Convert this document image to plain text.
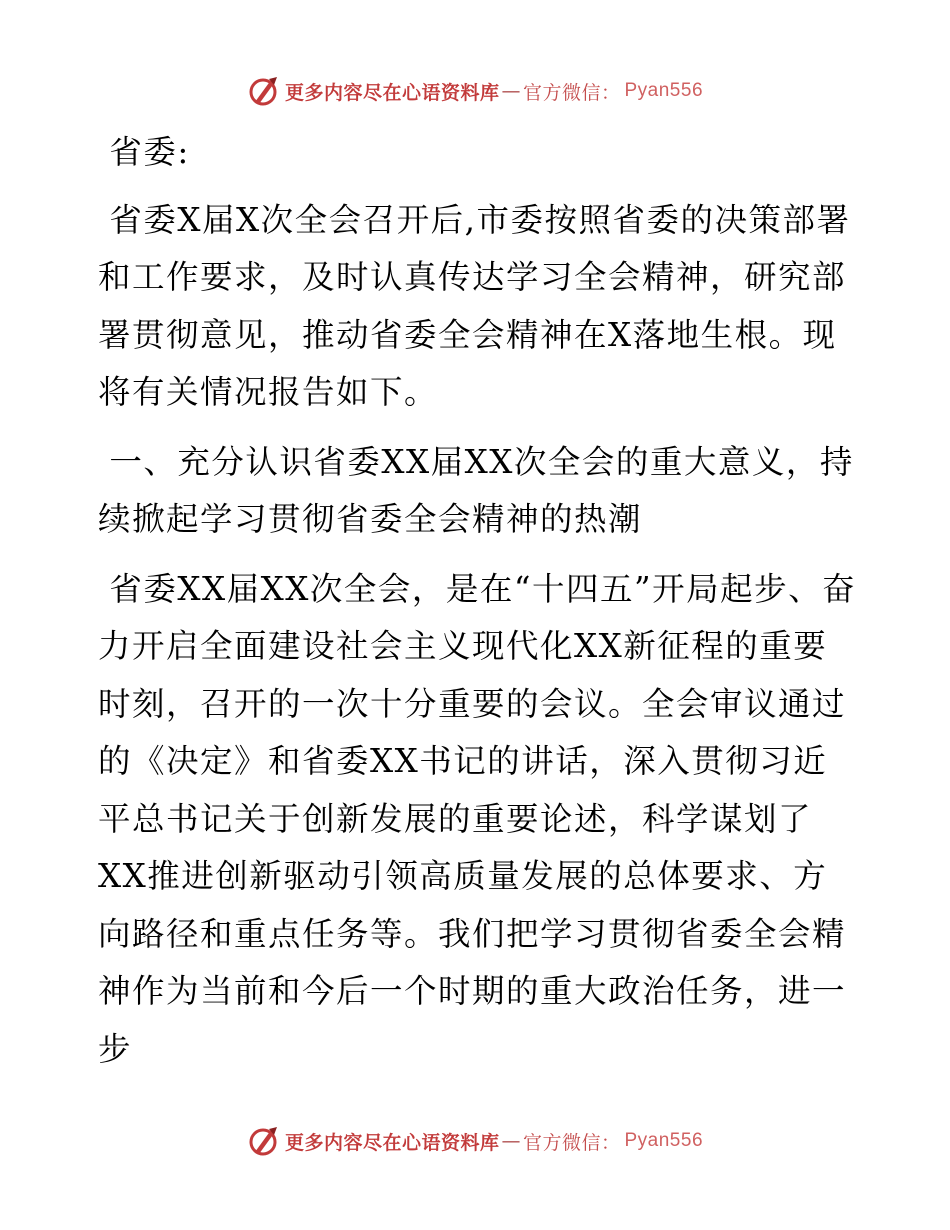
更多内容尽在心语资料库 — 官方微信： Pyan556

省委:

省委X届X次全会召开后,市委按照省委的决策部署和工作要求，及时认真传达学习全会精神，研究部署贯彻意见，推动省委全会精神在X落地生根。现将有关情况报告如下。

一、充分认识省委XX届XX次全会的重大意义，持续掀起学习贯彻省委全会精神的热潮

省委XX届XX次全会，是在“十四五”开局起步、奋力开启全面建设社会主义现代化XX新征程的重要时刻，召开的一次十分重要的会议。全会审议通过的《决定》和省委XX书记的讲话，深入贯彻习近平总书记关于创新发展的重要论述，科学谋划了XX推进创新驱动引领高质量发展的总体要求、方向路径和重点任务等。我们把学习贯彻省委全会精神作为当前和今后一个时期的重大政治任务，进一步

更多内容尽在心语资料库 — 官方微信： Pyan556
